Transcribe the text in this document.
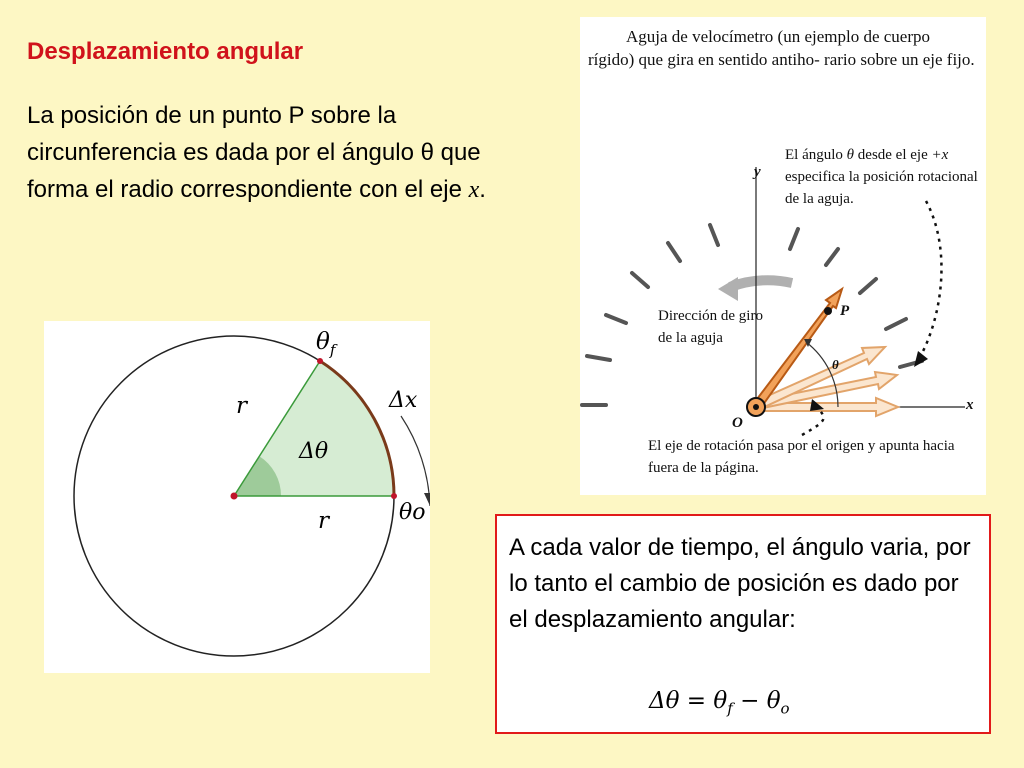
Desplazamiento angular
La posición de un punto P sobre la circunferencia es dada por el ángulo θ que forma el radio correspondiente con el eje x.
$\theta_f$
θo
r
r
Δx
Δθ
Aguja de velocímetro (un ejemplo de cuerpo rígido) que gira en sentido antiho- rario sobre un eje fijo.
El ángulo θ desde el eje +x especifica la posición rotacional de la aguja.
Dirección de giro de la aguja
El eje de rotación pasa por el origen y apunta hacia fuera de la página.
y
x
O
P
θ
A cada valor de tiempo, el ángulo varia, por lo tanto el cambio de posición es dado por el desplazamiento angular:
$\Delta\theta = \theta_f - \theta_o$
